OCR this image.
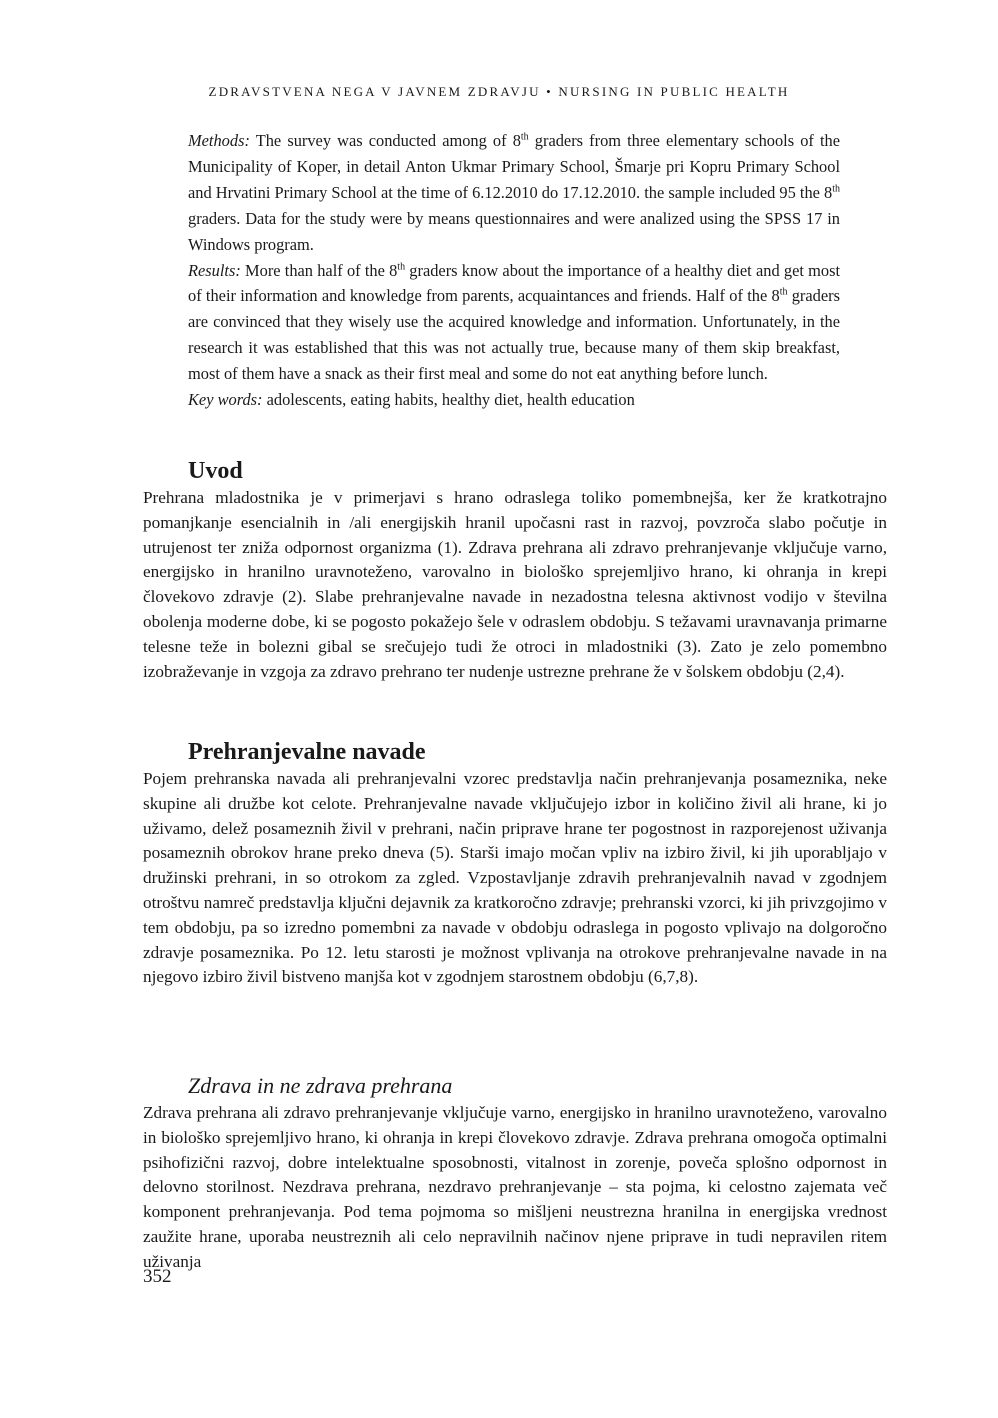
ZDRAVSTVENA NEGA V JAVNEM ZDRAVJU • NURSING IN PUBLIC HEALTH

Methods: The survey was conducted among of 8th graders from three elementary schools of the Municipality of Koper, in detail Anton Ukmar Primary School, Šmarje pri Kopru Primary School and Hrvatini Primary School at the time of 6.12.2010 do 17.12.2010. the sample included 95 the 8th graders. Data for the study were by means questionnaires and were analized using the SPSS 17 in Windows program.

Results: More than half of the 8th graders know about the importance of a healthy diet and get most of their information and knowledge from parents, acquaintances and friends. Half of the 8th graders are convinced that they wisely use the acquired knowledge and information. Unfortunately, in the research it was established that this was not actually true, because many of them skip breakfast, most of them have a snack as their first meal and some do not eat anything before lunch.

Key words: adolescents, eating habits, healthy diet, health education

Uvod

Prehrana mladostnika je v primerjavi s hrano odraslega toliko pomembnejša, ker že kratkotrajno pomanjkanje esencialnih in /ali energijskih hranil upočasni rast in razvoj, povzroča slabo počutje in utrujenost ter zniža odpornost organizma (1). Zdrava prehrana ali zdravo prehranjevanje vključuje varno, energijsko in hranilno uravnoteženo, varovalno in biološko sprejemljivo hrano, ki ohranja in krepi človekovo zdravje (2). Slabe prehranjevalne navade in nezadostna telesna aktivnost vodijo v številna obolenja moderne dobe, ki se pogosto pokažejo šele v odraslem obdobju. S težavami uravnavanja primarne telesne teže in bolezni gibal se srečujejo tudi že otroci in mladostniki (3). Zato je zelo pomembno izobraževanje in vzgoja za zdravo prehrano ter nudenje ustrezne prehrane že v šolskem obdobju (2,4).

Prehranjevalne navade

Pojem prehranska navada ali prehranjevalni vzorec predstavlja način prehranjevanja posameznika, neke skupine ali družbe kot celote. Prehranjevalne navade vključujejo izbor in količino živil ali hrane, ki jo uživamo, delež posameznih živil v prehrani, način priprave hrane ter pogostnost in razporejenost uživanja posameznih obrokov hrane preko dneva (5). Starši imajo močan vpliv na izbiro živil, ki jih uporabljajo v družinski prehrani, in so otrokom za zgled. Vzpostavljanje zdravih prehranjevalnih navad v zgodnjem otroštvu namreč predstavlja ključni dejavnik za kratkoročno zdravje; prehranski vzorci, ki jih privzgojimo v tem obdobju, pa so izredno pomembni za navade v obdobju odraslega in pogosto vplivajo na dolgoročno zdravje posameznika. Po 12. letu starosti je možnost vplivanja na otrokove prehranjevalne navade in na njegovo izbiro živil bistveno manjša kot v zgodnjem starostnem obdobju (6,7,8).

Zdrava in ne zdrava prehrana

Zdrava prehrana ali zdravo prehranjevanje vključuje varno, energijsko in hranilno uravnoteženo, varovalno in biološko sprejemljivo hrano, ki ohranja in krepi človekovo zdravje. Zdrava prehrana omogoča optimalni psihofizični razvoj, dobre intelektualne sposobnosti, vitalnost in zorenje, poveča splošno odpornost in delovno storilnost. Nezdrava prehrana, nezdravo prehranjevanje – sta pojma, ki celostno zajemata več komponent prehranjevanja. Pod tema pojmoma so mišljeni neustrezna hranilna in energijska vrednost zaužite hrane, uporaba neustreznih ali celo nepravilnih načinov njene priprave in tudi nepravilen ritem uživanja

352
